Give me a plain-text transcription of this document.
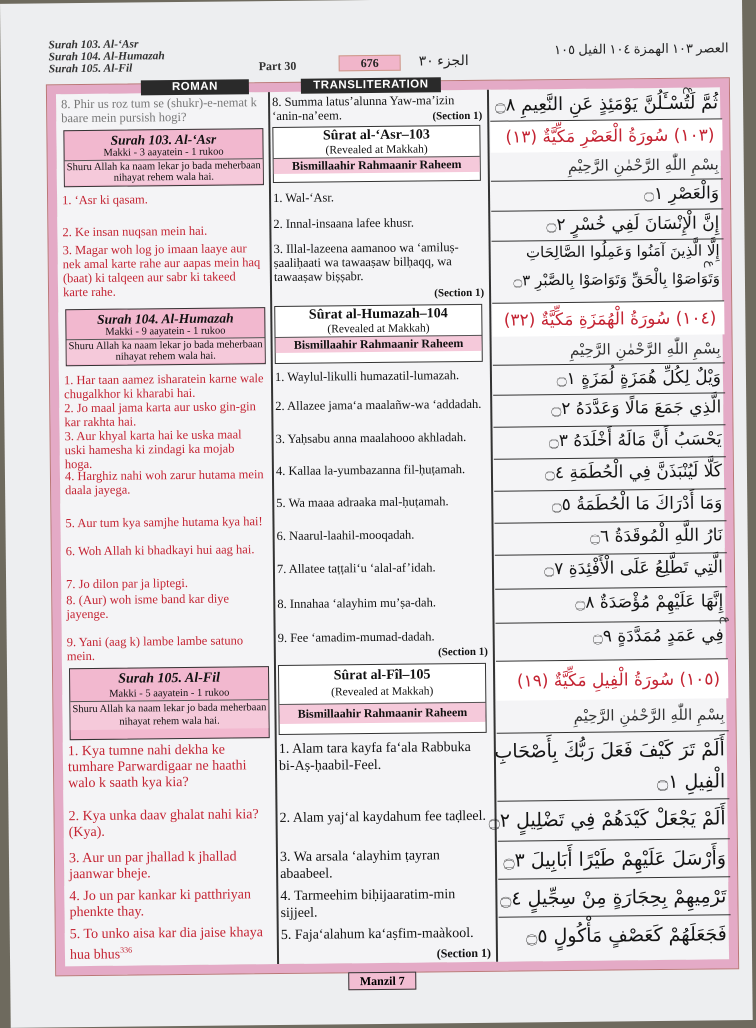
Surah 103. Al-‘Asr
Surah 104. Al-Humazah
Surah 105. Al-Fil	Part 30	676	الجزء ٣٠
العصر ١٠٣ الهمزة ١٠٤ الفيل ١٠٥
ROMAN	TRANSLITERATION
8. Phir us roz tum se (shukr)-e-nemat k baare mein pursish hogi?
Surah 103. Al-‘Asr
Makki - 3 aayatein - 1 rukoo
Shuru Allah ka naam lekar jo bada meherbaan nihayat rehem wala hai.
1. ‘Asr ki qasam.
2. Ke insan nuqsan mein hai.
3. Magar woh log jo imaan laaye aur nek amal karte rahe aur aapas mein haq (baat) ki talqeen aur sabr ki takeed karte rahe.
Surah 104. Al-Humazah
Makki - 9 aayatein - 1 rukoo
Shuru Allah ka naam lekar jo bada meherbaan nihayat rehem wala hai.
1. Har taan aamez isharatein karne wale chugalkhor ki kharabi hai.
2. Jo maal jama karta aur usko gin-gin kar rakhta hai.
3. Aur khyal karta hai ke uska maal uski hamesha ki zindagi ka mojab hoga.
4. Harghiz nahi woh zarur hutama mein daala jayega.
5. Aur tum kya samjhe hutama kya hai!
6. Woh Allah ki bhadkayi hui aag hai.
7. Jo dilon par ja liptegi.
8. (Aur) woh isme band kar diye jayenge.
9. Yani (aag k) lambe lambe satuno mein.
Surah 105. Al-Fil
Makki - 5 aayatein - 1 rukoo
Shuru Allah ka naam lekar jo bada meherbaan nihayat rehem wala hai.
1. Kya tumne nahi dekha ke tumhare Parwardigaar ne haathi walo k saath kya kia?
2. Kya unka daav ghalat nahi kia? (Kya).
3. Aur un par jhallad k jhallad jaanwar bheje.
4. Jo un par kankar ki patthriyan phenkte thay.
5. To unko aisa kar dia jaise khaya hua bhus$^{336}$
8. Summa latus’alunna Yaw-ma’izin ‘anin-na’eem.	(Section 1)
Sûrat al-‘Asr–103
(Revealed at Makkah)
Bismillaahir Rahmaanir Raheem
1. Wal-‘Asr.
2. Innal-insaana lafee khusr.
3. Illal-lazeena aamanoo wa ‘amiluṣ-ṣaaliḥaati wa tawaaṣaw bilḥaqq, wa tawaaṣaw biṣṣabr.
(Section 1)
Sûrat al-Humazah–104
(Revealed at Makkah)
Bismillaahir Rahmaanir Raheem
1. Waylul-likulli humazatil-lumazah.
2. Allazee jama‘a maalañw-wa ‘addadah.
3. Yaḥsabu anna maalahooo akhladah.
4. Kallaa la-yumbazanna fil-ḥuṭamah.
5. Wa maaa adraaka mal-ḥuṭamah.
6. Naarul-laahil-mooqadah.
7. Allatee taṭṭali‘u ‘alal-af’idah.
8. Innahaa ‘alayhim mu’ṣa-dah.
9. Fee ‘amadim-mumad-dadah.
(Section 1)
Sûrat al-Fîl–105
(Revealed at Makkah)
Bismillaahir Rahmaanir Raheem
1. Alam tara kayfa fa‘ala Rabbuka bi-Aṣ-ḥaabil-Feel.
2. Alam yaj‘al kaydahum fee taḍleel.
3. Wa arsala ‘alayhim ṭayran abaabeel.
4. Tarmeehim biḥijaaratim-min sijjeel.
5. Faja‘alahum ka‘aṣfim-maàkool.
(Section 1)
ثُمَّ لَتُسْـَٔلُنَّ يَوْمَئِذٍ عَنِ النَّعِيمِ ۝٨
(١٠٣) سُورَةُ الْعَصْرِ مَكِّيَّةٌ (١٣)
بِسْمِ اللّٰهِ الرَّحْمٰنِ الرَّحِيْمِ
وَالْعَصْرِ ۝١
إِنَّ الْإِنْسَانَ لَفِي خُسْرٍ ۝٢
إِلَّا الَّذِينَ آمَنُوا وَعَمِلُوا الصَّالِحَاتِ
وَتَوَاصَوْا بِالْحَقِّ وَتَوَاصَوْا بِالصَّبْرِ ۝٣
(١٠٤) سُورَةُ الْهُمَزَةِ مَكِّيَّةٌ (٣٢)
بِسْمِ اللّٰهِ الرَّحْمٰنِ الرَّحِيْمِ
وَيْلٌ لِكُلِّ هُمَزَةٍ لُمَزَةٍ ۝١
الَّذِي جَمَعَ مَالًا وَعَدَّدَهُ ۝٢
يَحْسَبُ أَنَّ مَالَهُ أَخْلَدَهُ ۝٣
كَلَّا لَيُنْبَذَنَّ فِي الْحُطَمَةِ ۝٤
وَمَا أَدْرَاكَ مَا الْحُطَمَةُ ۝٥
نَارُ اللَّهِ الْمُوقَدَةُ ۝٦
الَّتِي تَطَّلِعُ عَلَى الْأَفْئِدَةِ ۝٧
إِنَّهَا عَلَيْهِمْ مُؤْصَدَةٌ ۝٨
فِي عَمَدٍ مُمَدَّدَةٍ ۝٩
(١٠٥) سُورَةُ الْفِيلِ مَكِّيَّةٌ (١٩)
بِسْمِ اللّٰهِ الرَّحْمٰنِ الرَّحِيْمِ
أَلَمْ تَرَ كَيْفَ فَعَلَ رَبُّكَ بِأَصْحَابِ
الْفِيلِ ۝١
أَلَمْ يَجْعَلْ كَيْدَهُمْ فِي تَضْلِيلٍ ۝٢
وَأَرْسَلَ عَلَيْهِمْ طَيْرًا أَبَابِيلَ ۝٣
تَرْمِيهِمْ بِحِجَارَةٍ مِنْ سِجِّيلٍ ۝٤
فَجَعَلَهُمْ كَعَصْفٍ مَأْكُولٍ ۝٥
ع
ع
ع
Manzil 7
